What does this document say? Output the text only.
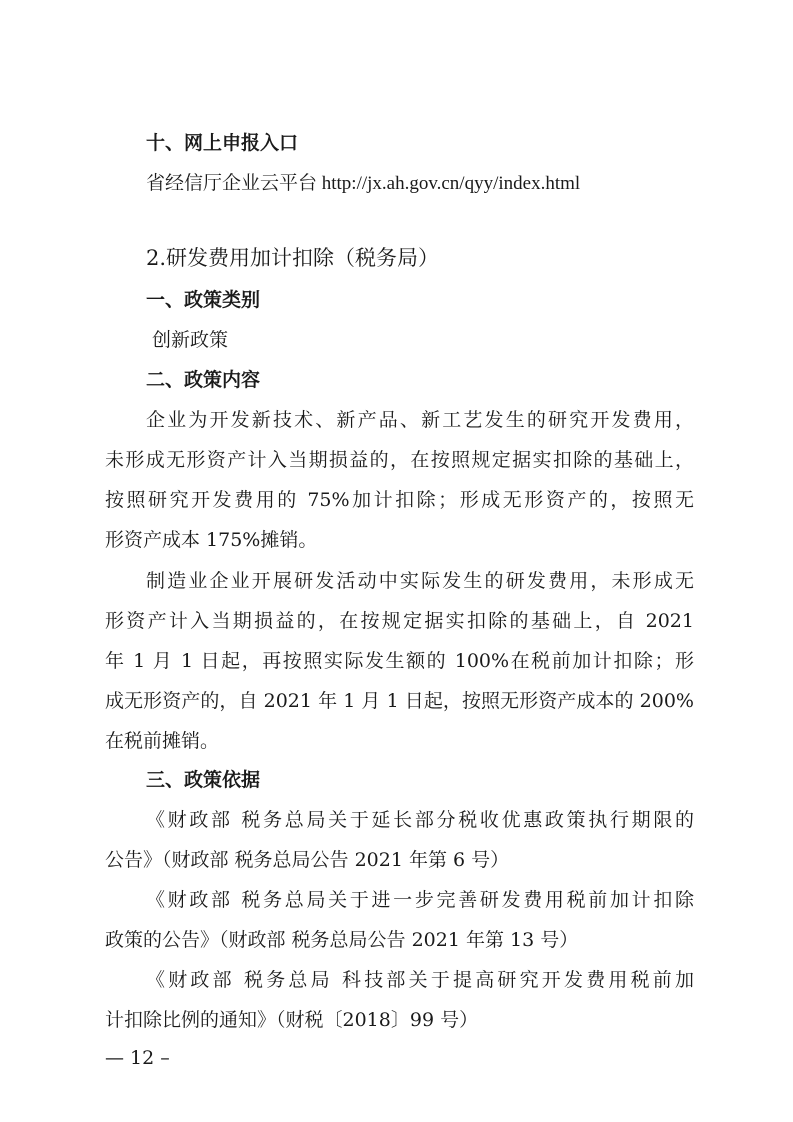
十、网上申报入口
省经信厅企业云平台 http://jx.ah.gov.cn/qyy/index.html
2.研发费用加计扣除（税务局）
一、政策类别
创新政策
二、政策内容
企业为开发新技术、新产品、新工艺发生的研究开发费用，
未形成无形资产计入当期损益的，在按照规定据实扣除的基础上，
按照研究开发费用的 75%加计扣除；形成无形资产的，按照无
形资产成本 175%摊销。
制造业企业开展研发活动中实际发生的研发费用，未形成无
形资产计入当期损益的，在按规定据实扣除的基础上，自 2021
年 1 月 1 日起，再按照实际发生额的 100%在税前加计扣除；形
成无形资产的，自 2021 年 1 月 1 日起，按照无形资产成本的 200%
在税前摊销。
三、政策依据
《财政部 税务总局关于延长部分税收优惠政策执行期限的
公告》（财政部 税务总局公告 2021 年第 6 号）
《财政部 税务总局关于进一步完善研发费用税前加计扣除
政策的公告》（财政部 税务总局公告 2021 年第 13 号）
《财政部 税务总局 科技部关于提高研究开发费用税前加
计扣除比例的通知》（财税〔2018〕99 号）
— 12 –
